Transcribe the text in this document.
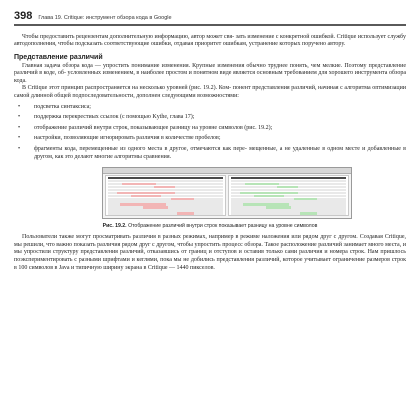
398 Глава 19. Critique: инструмент обзора кода в Google

Чтобы предоставить рецензентам дополнительную информацию, автор может свя- зать изменение с конкретной ошибкой. Critique использует службу автодополнения, чтобы подсказать соответствующие ошибки, отдавая приоритет ошибкам, устранение которых поручено автору.

Представление различий

Главная задача обзора кода — упростить понимание изменения. Крупные изменения обычно труднее понять, чем мелкие. Поэтому представление различий в коде, об- условленных изменением, в наиболее простом и понятном виде является основным требованием для хорошего инструмента обзора кода.

В Critique этот принцип распространяется на несколько уровней (рис. 19.2). Ком- понент представления различий, начиная с алгоритма оптимизации самой длинной общей подпоследовательности, дополнен следующими возможностями:

•	подсветка синтаксиса;
•	поддержка перекрестиых ссылок (с помощью Kythe, глава 17);
•	отображение различий внутри строк, показывающее разницу на уровне символов (рис. 19.2);
•	настройки, позволяющие игнорировать различия в количестве пробелов;
•	фрагменты кода, перемещенные из одного места в другое, отмечаются как пере- мещенные, а не удаленные в одном месте и добавленные в другом, как это делают многие алгоритмы сравнения.
Рис. 19.2. Отображение различий внутри строк показывает разницу на уровне символов

Пользователи также могут просматривать различия в разных режимах, например в режиме наложения или рядом друг с другом. Создавая Critique, мы решили, что важно показать различия рядом друг с другом, чтобы упростить процесс обзора. Такое расположение различий занимает много места, и мы упростили структуру представления различий, отказавшись от границ и отступов и оставив только сами различия и номера строк. Нам пришлось поэкспериментировать с разными шрифтами и кеглями, пока мы не добились представления различий, которое учитывает ограничение размеров строк в 100 символов в Java и типичную ширину экрана в Critique — 1440 пикселов.
